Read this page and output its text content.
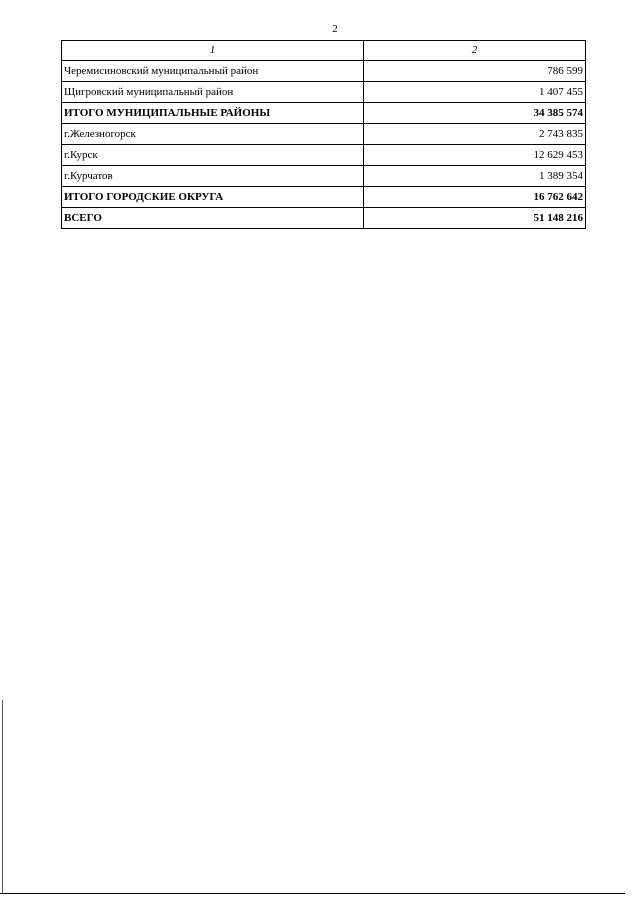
2
1	2
Черемисиновский муниципальный район	786 599
Щигровский муниципальный район	1 407 455
ИТОГО МУНИЦИПАЛЬНЫЕ РАЙОНЫ	34 385 574
г.Железногорск	2 743 835
г.Курск	12 629 453
г.Курчатов	1 389 354
ИТОГО ГОРОДСКИЕ ОКРУГА	16 762 642
ВСЕГО	51 148 216
